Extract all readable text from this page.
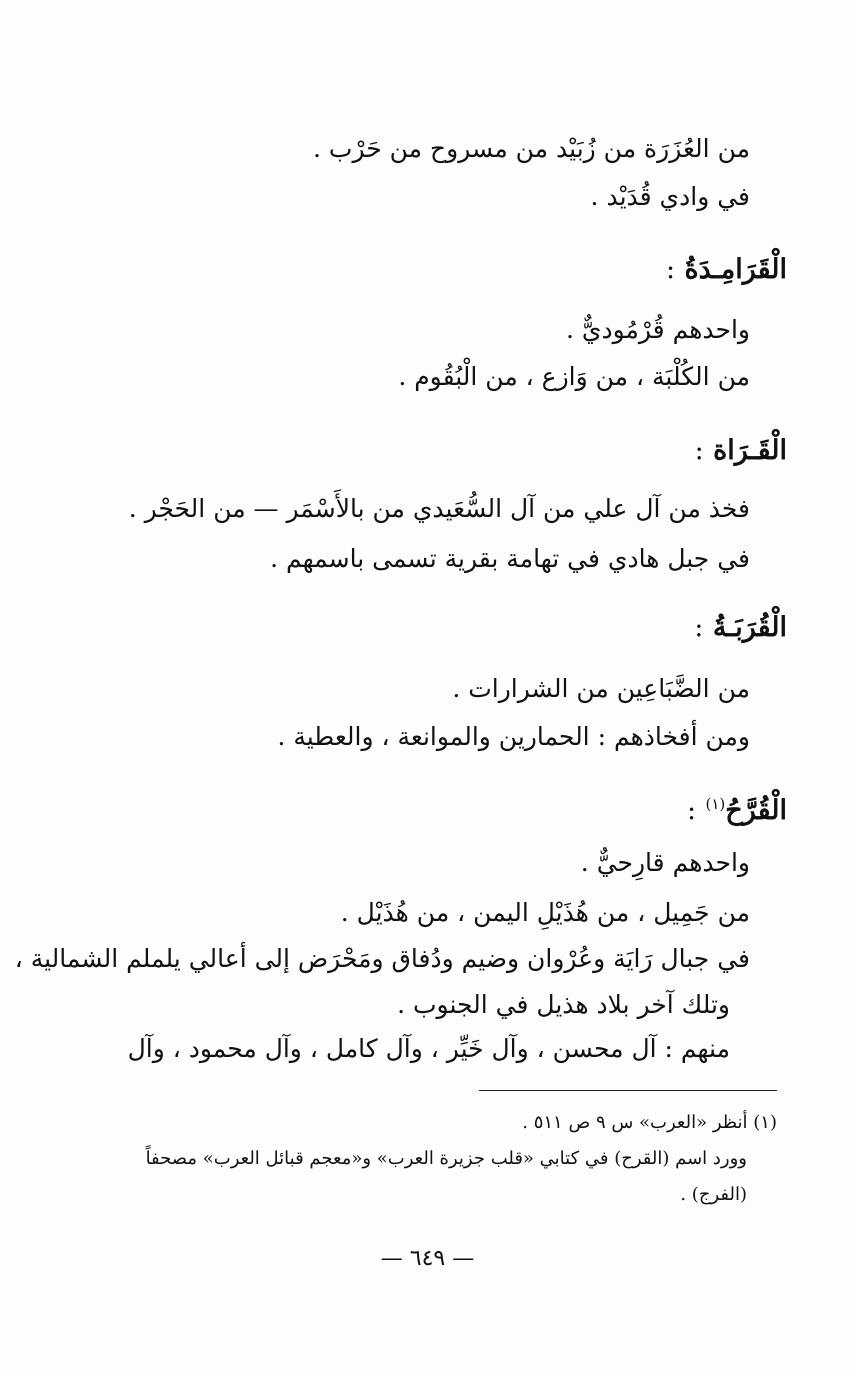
من العُزَرَة من زُبَيْد من مسروح من حَرْب .
في وادي قُدَيْد .
الْقَرَامِـدَةُ :
واحدهم قُرْمُوديٌّ .
من الكُلْبَة ، من وَازع ، من الْبُقُوم .
الْقَـرَاة :
فخذ من آل علي من آل السُّعَيدي من بالأَسْمَر — من الحَجْر .
في جبل هادي في تهامة بقرية تسمى باسمهم .
الْقُرَبَـةُ :
من الضَّبَاعِين من الشرارات .
ومن أفخاذهم : الحمارين والموانعة ، والعطية .
الْقُرَّحُ$^{(١)}$ :
واحدهم قارِحيٌّ .
من جَمِيل ، من هُذَيْلِ اليمن ، من هُذَيْل .
في جبال رَايَة وعُرْوان وضيم ودُفاق ومَحْرَض إلى أعالي يلملم الشمالية ،
وتلك آخر بلاد هذيل في الجنوب .
منهم : آل محسن ، وآل خَيِّر ، وآل كامل ، وآل محمود ، وآل
(١) أنظر «العرب» س ٩ ص ٥١١ .
وورد اسم (القرح) في كتابي «قلب جزيرة العرب» و«معجم قبائل العرب» مصحفاً
(الفرج) .
— ٦٤٩ —
